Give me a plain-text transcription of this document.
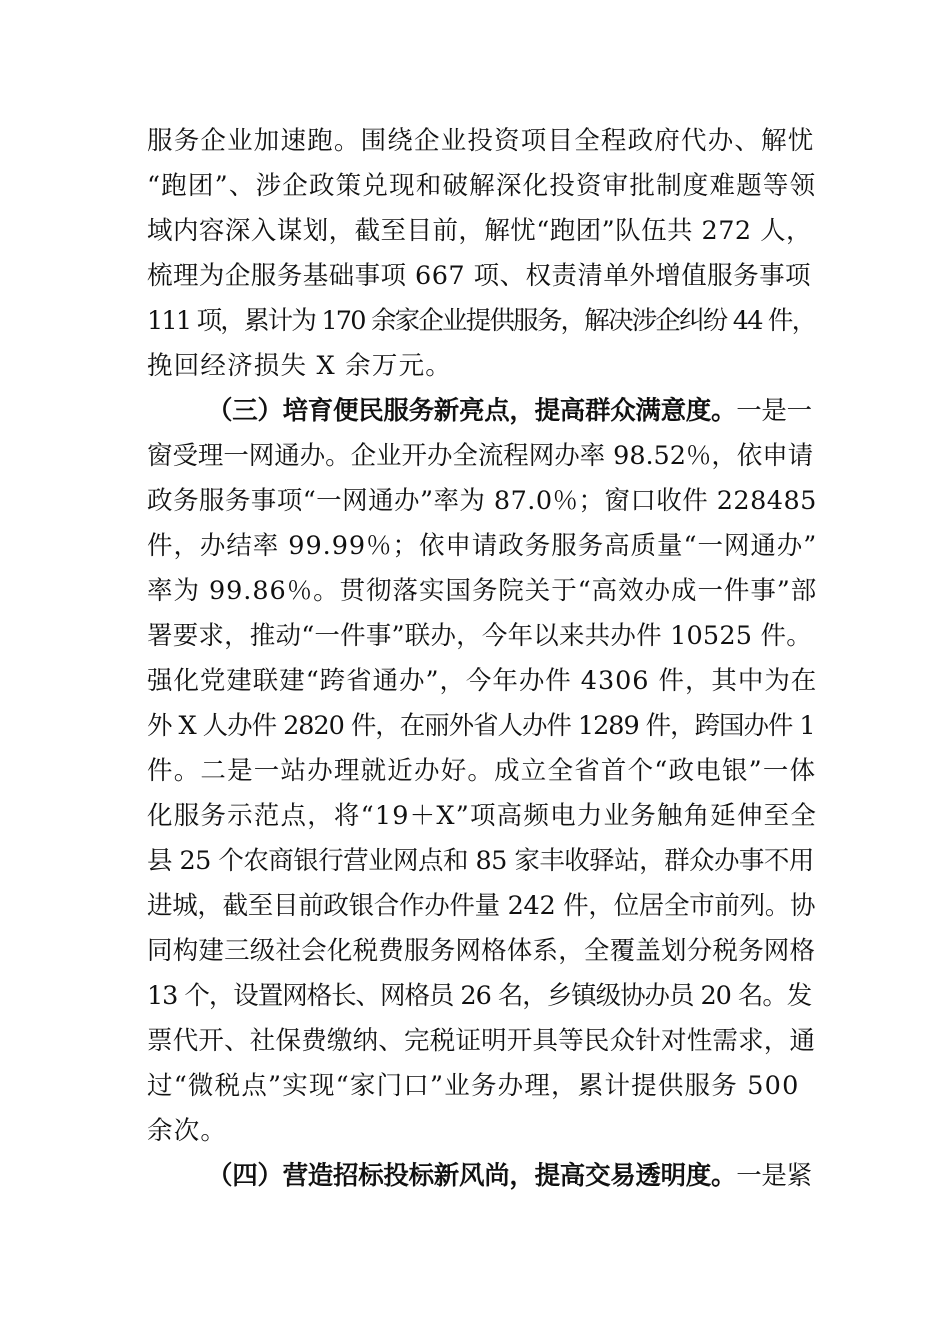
服务企业加速跑。围绕企业投资项目全程政府代办、解忧
“跑团”、涉企政策兑现和破解深化投资审批制度难题等领
域内容深入谋划，截至目前，解忧“跑团”队伍共 272 人，
梳理为企服务基础事项 667 项、权责清单外增值服务事项
111 项，累计为 170 余家企业提供服务，解决涉企纠纷 44 件，
挽回经济损失 X 余万元。
（三）培育便民服务新亮点，提高群众满意度。一是一
窗受理一网通办。企业开办全流程网办率 98.52％，依申请
政务服务事项“一网通办”率为 87.0％；窗口收件 228485
件，办结率 99.99％；依申请政务服务高质量“一网通办”
率为 99.86％。贯彻落实国务院关于“高效办成一件事”部
署要求，推动“一件事”联办，今年以来共办件 10525 件。
强化党建联建“跨省通办”，今年办件 4306 件，其中为在
外 X 人办件 2820 件，在丽外省人办件 1289 件，跨国办件 1
件。二是一站办理就近办好。成立全省首个“政电银”一体
化服务示范点，将“19＋X”项高频电力业务触角延伸至全
县 25 个农商银行营业网点和 85 家丰收驿站，群众办事不用
进城，截至目前政银合作办件量 242 件，位居全市前列。协
同构建三级社会化税费服务网格体系，全覆盖划分税务网格
13 个，设置网格长、网格员 26 名，乡镇级协办员 20 名。发
票代开、社保费缴纳、完税证明开具等民众针对性需求，通
过“微税点”实现“家门口”业务办理，累计提供服务 500
余次。
（四）营造招标投标新风尚，提高交易透明度。一是紧
